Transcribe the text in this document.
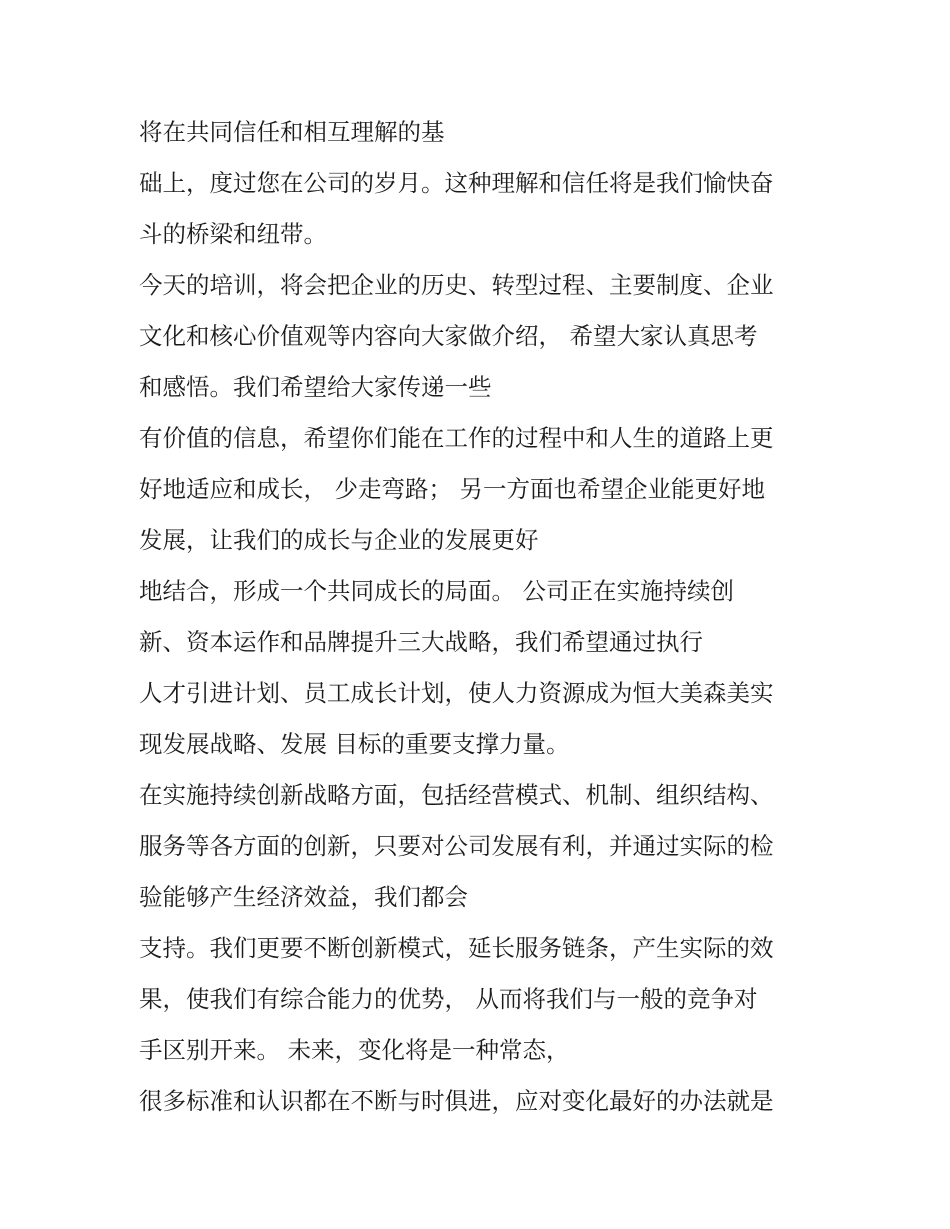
将在共同信任和相互理解的基
础上，度过您在公司的岁月。这种理解和信任将是我们愉快奋
斗的桥梁和纽带。
今天的培训，将会把企业的历史、转型过程、主要制度、企业
文化和核心价值观等内容向大家做介绍， 希望大家认真思考
和感悟。我们希望给大家传递一些
有价值的信息，希望你们能在工作的过程中和人生的道路上更
好地适应和成长， 少走弯路； 另一方面也希望企业能更好地
发展，让我们的成长与企业的发展更好
地结合，形成一个共同成长的局面。 公司正在实施持续创
新、资本运作和品牌提升三大战略，我们希望通过执行
人才引进计划、员工成长计划，使人力资源成为恒大美森美实
现发展战略、发展 目标的重要支撑力量。
在实施持续创新战略方面，包括经营模式、机制、组织结构、
服务等各方面的创新，只要对公司发展有利，并通过实际的检
验能够产生经济效益，我们都会
支持。我们更要不断创新模式，延长服务链条，产生实际的效
果，使我们有综合能力的优势， 从而将我们与一般的竞争对
手区别开来。 未来，变化将是一种常态，
很多标准和认识都在不断与时俱进，应对变化最好的办法就是
